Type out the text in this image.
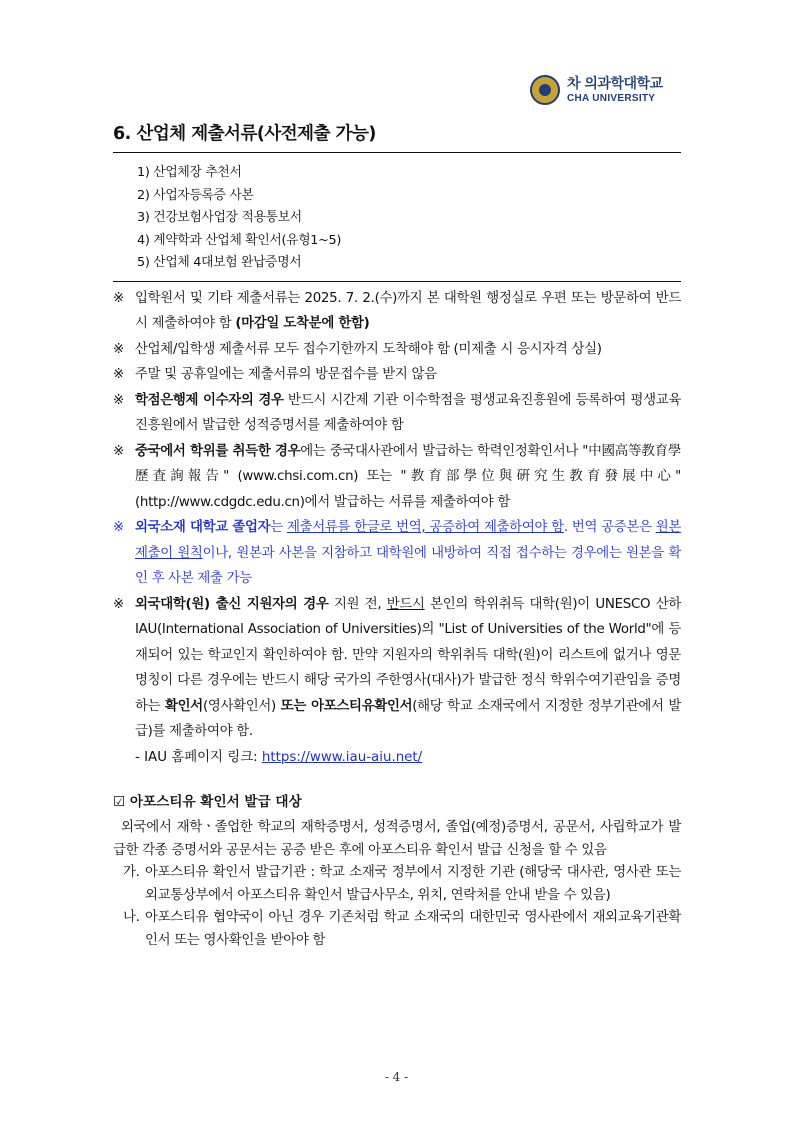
차 의과학대학교
CHA UNIVERSITY
6. 산업체 제출서류(사전제출 가능)
1) 산업체장 추천서
2) 사업자등록증 사본
3) 건강보험사업장 적용통보서
4) 계약학과 산업체 확인서(유형1~5)
5) 산업체 4대보험 완납증명서
※ 입학원서 및 기타 제출서류는 2025. 7. 2.(수)까지 본 대학원 행정실로 우편 또는 방문하여 반드시 제출하여야 함 (마감일 도착분에 한함)
※ 산업체/입학생 제출서류 모두 접수기한까지 도착해야 함 (미제출 시 응시자격 상실)
※ 주말 및 공휴일에는 제출서류의 방문접수를 받지 않음
※ 학점은행제 이수자의 경우 반드시 시간제 기관 이수학점을 평생교육진흥원에 등록하여 평생교육진흥원에서 발급한 성적증명서를 제출하여야 함
※ 중국에서 학위를 취득한 경우에는 중국대사관에서 발급하는 학력인정확인서나 "中國高等教育學歷査詢報告" (www.chsi.com.cn) 또는 "教育部學位與硏究生教育發展中心" (http://www.cdgdc.edu.cn)에서 발급하는 서류를 제출하여야 함
※ 외국소재 대학교 졸업자는 제출서류를 한글로 번역, 공증하여 제출하여야 함. 번역 공증본은 원본 제출이 원칙이나, 원본과 사본을 지참하고 대학원에 내방하여 직접 접수하는 경우에는 원본을 확인 후 사본 제출 가능
※ 외국대학(원) 출신 지원자의 경우 지원 전, 반드시 본인의 학위취득 대학(원)이 UNESCO 산하 IAU(International Association of Universities)의 "List of Universities of the World"에 등재되어 있는 학교인지 확인하여야 함. 만약 지원자의 학위취득 대학(원)이 리스트에 없거나 영문명칭이 다른 경우에는 반드시 해당 국가의 주한영사(대사)가 발급한 정식 학위수여기관임을 증명하는 확인서(영사확인서) 또는 아포스티유확인서(해당 학교 소재국에서 지정한 정부기관에서 발급)를 제출하여야 함.
- IAU 홈페이지 링크: https://www.iau-aiu.net/
☑ 아포스티유 확인서 발급 대상
외국에서 재학ㆍ졸업한 학교의 재학증명서, 성적증명서, 졸업(예정)증명서, 공문서, 사립학교가 발급한 각종 증명서와 공문서는 공증 받은 후에 아포스티유 확인서 발급 신청을 할 수 있음
가. 아포스티유 확인서 발급기관 : 학교 소재국 정부에서 지정한 기관 (해당국 대사관, 영사관 또는 외교통상부에서 아포스티유 확인서 발급사무소, 위치, 연락처를 안내 받을 수 있음)
나. 아포스티유 협약국이 아닌 경우 기존처럼 학교 소재국의 대한민국 영사관에서 재외교육기관확인서 또는 영사확인을 받아야 함
- 4 -
